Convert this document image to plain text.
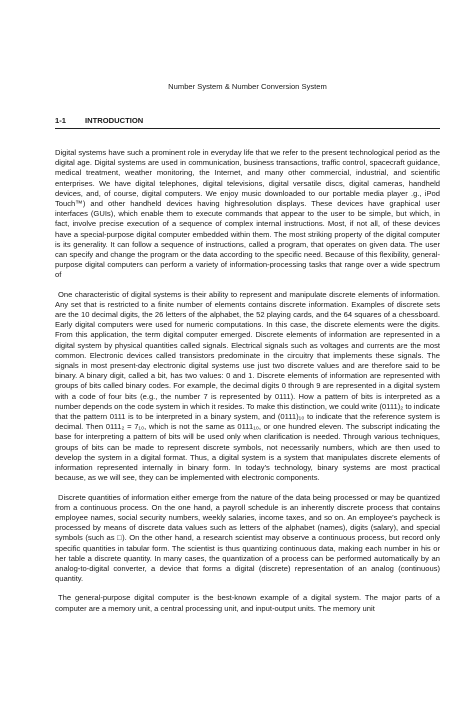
Number System & Number Conversion System
1-1	INTRODUCTION

Digital systems have such a prominent role in everyday life that we refer to the present technological period as the digital age. Digital systems are used in communication, business transactions, traffic control, spacecraft guidance, medical treatment, weather monitoring, the Internet, and many other commercial, industrial, and scientific enterprises. We have digital telephones, digital televisions, digital versatile discs, digital cameras, handheld devices, and, of course, digital computers. We enjoy music downloaded to our portable media player .g., iPod Touch™) and other handheld devices having highresolution displays. These devices have graphical user interfaces (GUIs), which enable them to execute commands that appear to the user to be simple, but which, in fact, involve precise execution of a sequence of complex internal instructions. Most, if not all, of these devices have a special-purpose digital computer embedded within them. The most striking property of the digital computer is its generality. It can follow a sequence of instructions, called a program, that operates on given data. The user can specify and change the program or the data according to the specific need. Because of this flexibility, general-purpose digital computers can perform a variety of information-processing tasks that range over a wide spectrum of

One characteristic of digital systems is their ability to represent and manipulate discrete elements of information. Any set that is restricted to a finite number of elements contains discrete information. Examples of discrete sets are the 10 decimal digits, the 26 letters of the alphabet, the 52 playing cards, and the 64 squares of a chessboard. Early digital computers were used for numeric computations. In this case, the discrete elements were the digits. From this application, the term digital computer emerged. Discrete elements of information are represented in a digital system by physical quantities called signals. Electrical signals such as voltages and currents are the most common. Electronic devices called transistors predominate in the circuitry that implements these signals. The signals in most present-day electronic digital systems use just two discrete values and are therefore said to be binary. A binary digit, called a bit, has two values: 0 and 1. Discrete elements of information are represented with groups of bits called binary codes. For example, the decimal digits 0 through 9 are represented in a digital system with a code of four bits (e.g., the number 7 is represented by 0111). How a pattern of bits is interpreted as a number depends on the code system in which it resides. To make this distinction, we could write (0111)₂ to indicate that the pattern 0111 is to be interpreted in a binary system, and (0111)₁₀ to indicate that the reference system is decimal. Then 0111₂ = 7₁₀, which is not the same as 0111₁₀, or one hundred eleven. The subscript indicating the base for interpreting a pattern of bits will be used only when clarification is needed. Through various techniques, groups of bits can be made to represent discrete symbols, not necessarily numbers, which are then used to develop the system in a digital format. Thus, a digital system is a system that manipulates discrete elements of information represented internally in binary form. In today’s technology, binary systems are most practical because, as we will see, they can be implemented with electronic components.

Discrete quantities of information either emerge from the nature of the data being processed or may be quantized from a continuous process. On the one hand, a payroll schedule is an inherently discrete process that contains employee names, social security numbers, weekly salaries, income taxes, and so on. An employee’s paycheck is processed by means of discrete data values such as letters of the alphabet (names), digits (salary), and special symbols (such as □). On the other hand, a research scientist may observe a continuous process, but record only specific quantities in tabular form. The scientist is thus quantizing continuous data, making each number in his or her table a discrete quantity. In many cases, the quantization of a process can be performed automatically by an analog-to-digital converter, a device that forms a digital (discrete) representation of an analog (continuous) quantity.

The general-purpose digital computer is the best-known example of a digital system. The major parts of a computer are a memory unit, a central processing unit, and input-output units. The memory unit
